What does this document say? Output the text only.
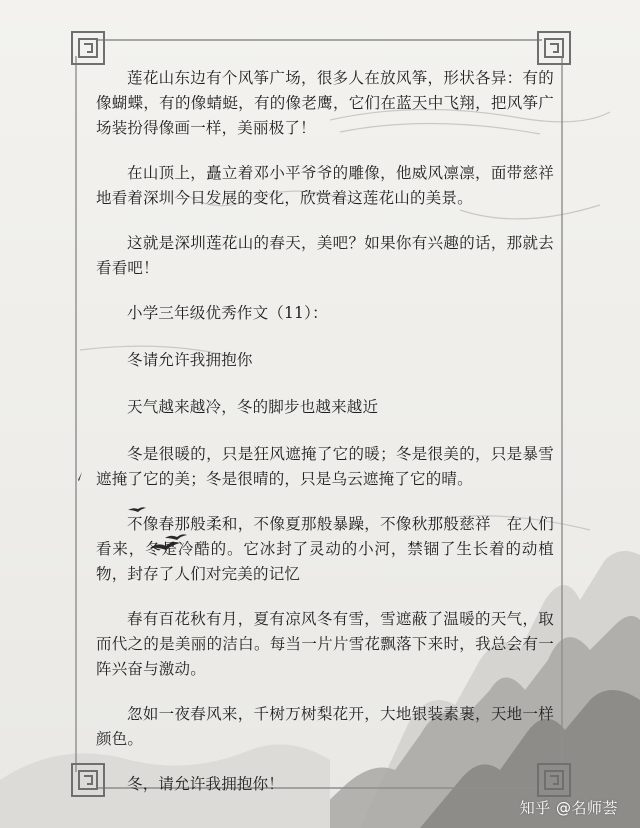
莲花山东边有个风筝广场，很多人在放风筝，形状各异：有的像蝴蝶，有的像蜻蜓，有的像老鹰，它们在蓝天中飞翔，把风筝广场装扮得像画一样，美丽极了！

在山顶上，矗立着邓小平爷爷的雕像，他威风凛凛，面带慈祥地看着深圳今日发展的变化，欣赏着这莲花山的美景。

这就是深圳莲花山的春天，美吧？如果你有兴趣的话，那就去看看吧！

小学三年级优秀作文（11）：

冬请允许我拥抱你

天气越来越冷，冬的脚步也越来越近

冬是很暖的，只是狂风遮掩了它的暖；冬是很美的，只是暴雪遮掩了它的美；冬是很晴的，只是乌云遮掩了它的晴。

不像春那般柔和，不像夏那般暴躁，不像秋那般慈祥　在人们看来，冬是冷酷的。它冰封了灵动的小河，禁锢了生长着的动植物，封存了人们对完美的记忆

春有百花秋有月，夏有凉风冬有雪，雪遮蔽了温暖的天气，取而代之的是美丽的洁白。每当一片片雪花飘落下来时，我总会有一阵兴奋与激动。

忽如一夜春风来，千树万树梨花开，大地银装素裹，天地一样颜色。

冬，请允许我拥抱你！

知乎 @名师荟
